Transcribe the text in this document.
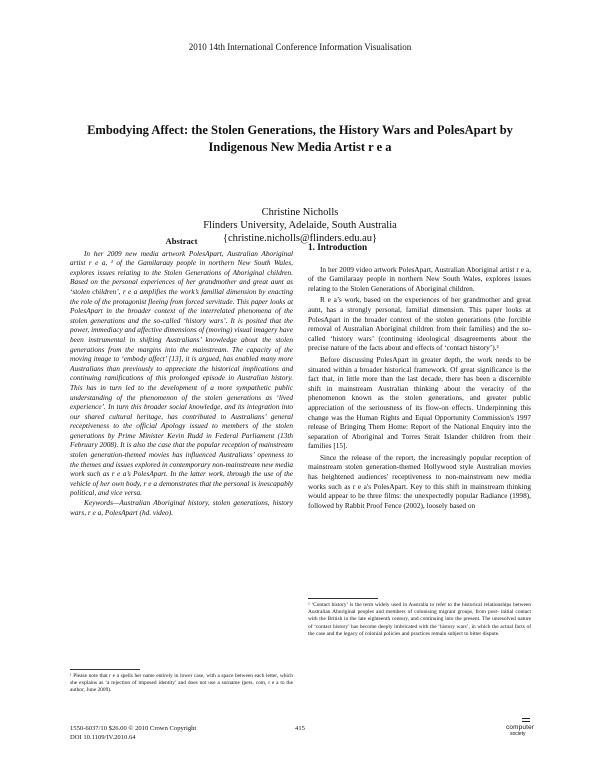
2010 14th International Conference Information Visualisation
Embodying Affect: the Stolen Generations, the History Wars and PolesApart by Indigenous New Media Artist r e a
Christine Nicholls
Flinders University, Adelaide, South Australia
{christine.nicholls@flinders.edu.au}
Abstract

In her 2009 new media artwork PolesApart, Australian Aboriginal artist r e a, ¹ of the Gamilaraay people in northern New South Wales, explores issues relating to the Stolen Generations of Aboriginal children. Based on the personal experiences of her grandmother and great aunt as ‘stolen children’, r e a amplifies the work’s familial dimension by enacting the role of the protagonist fleeing from forced servitude. This paper looks at PolesApart in the broader context of the interrelated phenomena of the stolen generations and the so-called ‘history wars’. It is posited that the power, immediacy and affective dimensions of (moving) visual imagery have been instrumental in shifting Australians’ knowledge about the stolen generations from the margins into the mainstream. The capacity of the moving image to ‘embody affect’ [13], it is argued, has enabled many more Australians than previously to appreciate the historical implications and continuing ramifications of this prolonged episode in Australian history. This has in turn led to the development of a more sympathetic public understanding of the phenomenon of the stolen generations as ‘lived experience’. In turn this broader social knowledge, and its integration into our shared cultural heritage, has contributed to Australians’ general receptiveness to the official Apology issued to members of the stolen generations by Prime Minister Kevin Rudd in Federal Parliament (13th February 2008). It is also the case that the popular reception of mainstream stolen generation-themed movies has influenced Australians’ openness to the themes and issues explored in contemporary non-mainstream new media work such as r e a’s PolesApart. In the latter work, through the use of the vehicle of her own body, r e a demonstrates that the personal is inescapably political, and vice versa.

Keywords—Australian Aboriginal history, stolen generations, history wars, r e a, PolesApart (hd. video).

1. Introduction

In her 2009 video artwork PolesApart, Australian Aboriginal artist r e a, of the Gamilaraay people in northern New South Wales, explores issues relating to the Stolen Generations of Aboriginal children.

R e a’s work, based on the experiences of her grandmother and great aunt, has a strongly personal, familial dimension. This paper looks at PolesApart in the broader context of the stolen generations (the forcible removal of Australian Aboriginal children from their families) and the so-called ‘history wars’ (continuing ideological disagreements about the precise nature of the facts about and effects of ‘contact history’).²

Before discussing PolesApart in greater depth, the work needs to be situated within a broader historical framework. Of great significance is the fact that, in little more than the last decade, there has been a discernible shift in mainstream Australian thinking about the veracity of the phenomenon known as the stolen generations, and greater public appreciation of the seriousness of its flow-on effects. Underpinning this change was the Human Rights and Equal Opportunity Commission's 1997 release of Bringing Them Home: Report of the National Enquiry into the separation of Aboriginal and Torres Strait Islander children from their families [15].

Since the release of the report, the increasingly popular reception of mainstream stolen generation-themed Hollywood style Australian movies has heightened audiences' receptiveness to non-mainstream new media works such as r e a's PolesApart. Key to this shift in mainstream thinking would appear to be three films: the unexpectedly popular Radiance (1998), followed by Rabbit Proof Fence (2002), loosely based on

¹ Please note that r e a spells her name entirely in lower case, with a space between each letter, which she explains as ‘a rejection of imposed identity’ and does not use a surname (pers. com, r e a to the author, June 2009).
² ‘Contact history’ is the term widely used in Australia to refer to the historical relationships between Australian Aboriginal peoples and members of colonising migrant groups, from post- initial contact with the British in the late eighteenth century, and continuing into the present. The unresolved nature of ‘contact history’ has become deeply imbricated with the ‘history wars’, in which the actual facts of the case and the legacy of colonial policies and practices remain subject to bitter dispute.
1550-6037/10 $26.00 © 2010 Crown Copyright
DOI 10.1109/IV.2010.64
415	computer
society
